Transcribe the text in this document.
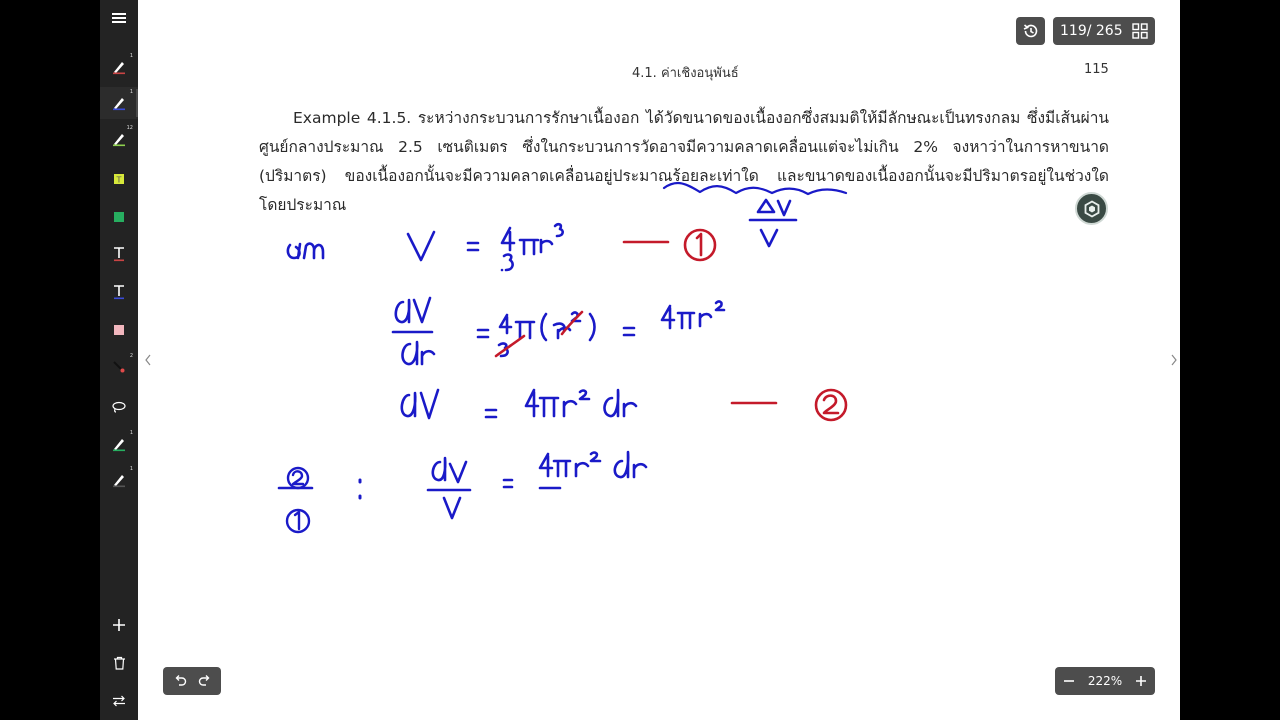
1
1
12
T
2
1
1
4.1. ค่าเชิงอนุพันธ์	115

Example 4.1.5. ระหว่างกระบวนการรักษาเนื้องอก ได้วัดขนาดของเนื้องอกซึ่งสมมติให้มีลักษณะเป็นทรงกลม ซึ่งมีเส้นผ่านศูนย์กลางประมาณ 2.5 เซนติเมตร ซึ่งในกระบวนการวัดอาจมีความคลาดเคลื่อนแต่จะไม่เกิน 2% จงหาว่าในการหาขนาด (ปริมาตร) ของเนื้องอกนั้นจะมีความคลาดเคลื่อนอยู่ประมาณร้อยละเท่าใด และขนาดของเนื้องอกนั้นจะมีปริมาตรอยู่ในช่วงใดโดยประมาณ

119/ 265
222%
